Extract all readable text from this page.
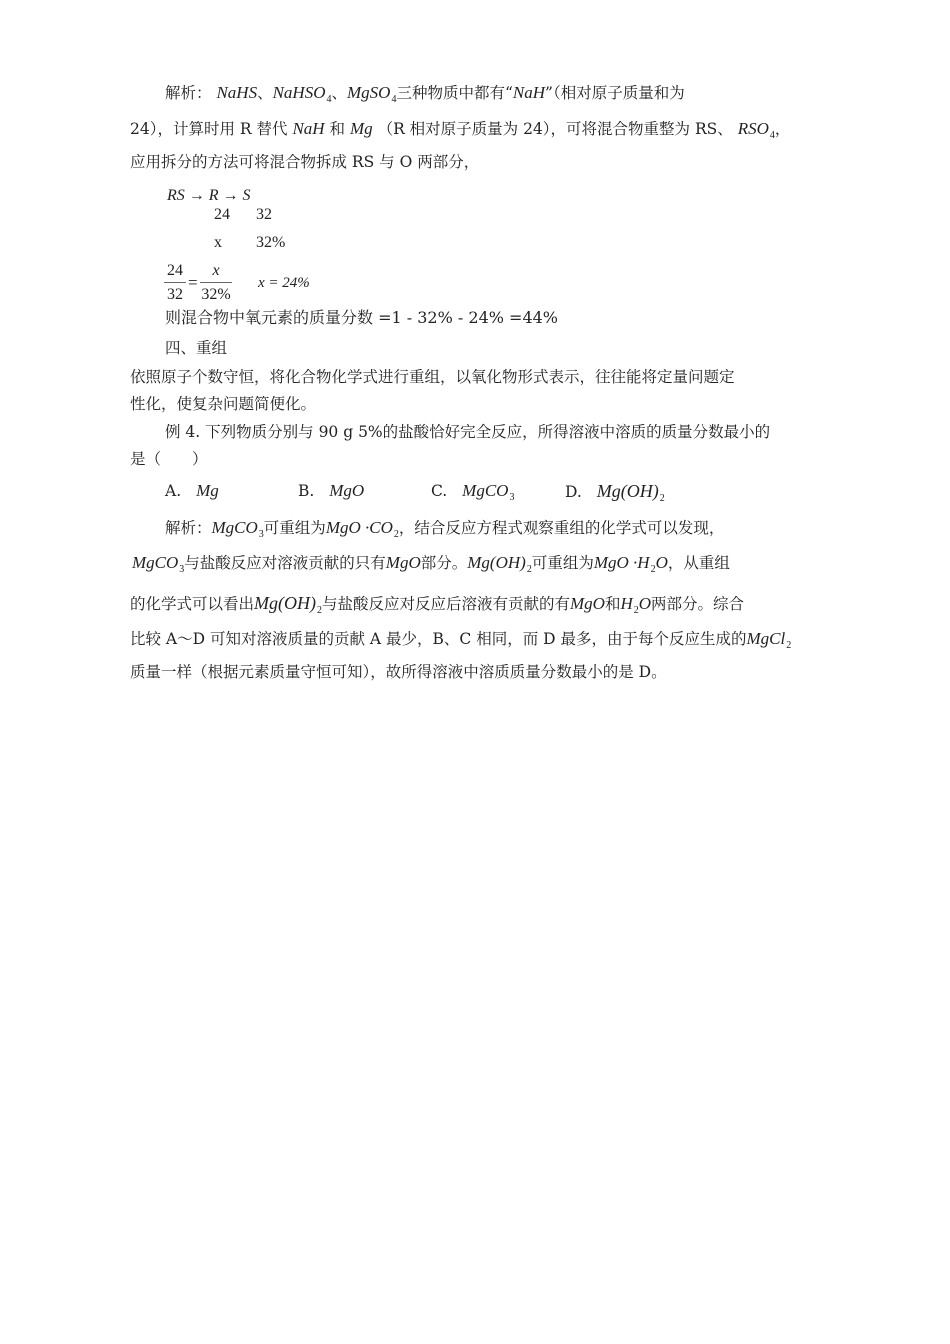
解析： NaHS、NaHSO$_4$、MgSO$_4$三种物质中都有“NaH”（相对原子质量和为
24），计算时用 R 替代 NaH 和 Mg （R 相对原子质量为 24），可将混合物重整为 RS、 $RSO_4$，
应用拆分的方法可将混合物拆成 RS 与 O 两部分，
RS → R → S
24 32
x 32%
$\frac{24}{32} = \frac{x}{32\%}$ x = 24%
则混合物中氧元素的质量分数 =1 - 32% - 24% =44%
四、重组
依照原子个数守恒，将化合物化学式进行重组，以氧化物形式表示，往往能将定量问题定
性化，使复杂问题简便化。
例 4. 下列物质分别与 90 g 5%的盐酸恰好完全反应，所得溶液中溶质的质量分数最小的
是（　　）
A. Mg	B. MgO	C. MgCO$_3$	D. $Mg(OH)_2$
解析：MgCO$_3$可重组为MgO $\cdot CO_2$，结合反应方程式观察重组的化学式可以发现，
MgCO$_3$与盐酸反应对溶液贡献的只有MgO部分。$Mg(OH)_2$可重组为MgO $\cdot H_2O$，从重组
的化学式可以看出$Mg(OH)_2$与盐酸反应对反应后溶液有贡献的有MgO和$H_2O$两部分。综合
比较 A～D 可知对溶液质量的贡献 A 最少，B、C 相同，而 D 最多，由于每个反应生成的MgCl$_2$
质量一样（根据元素质量守恒可知），故所得溶液中溶质质量分数最小的是 D。
